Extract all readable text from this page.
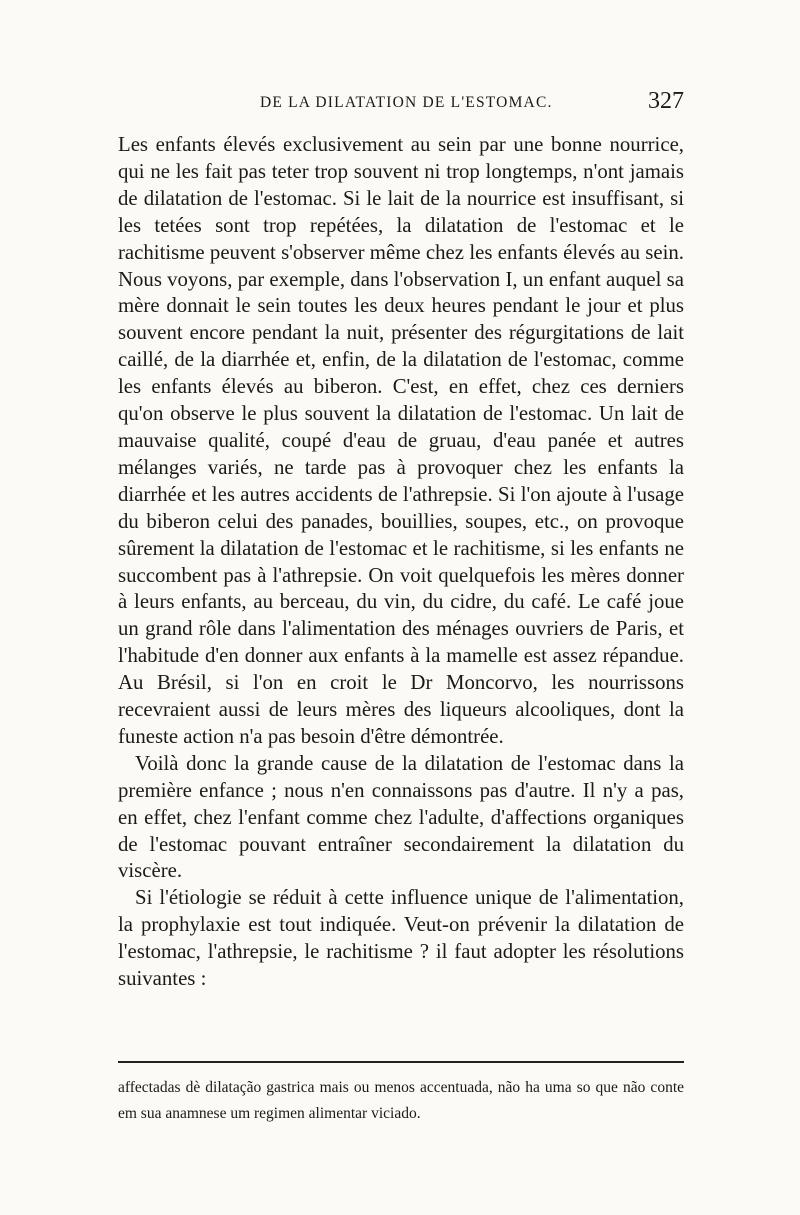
DE LA DILATATION DE L'ESTOMAC.	327

Les enfants élevés exclusivement au sein par une bonne nourrice, qui ne les fait pas teter trop souvent ni trop longtemps, n'ont jamais de dilatation de l'estomac. Si le lait de la nourrice est insuffisant, si les tetées sont trop repétées, la dilatation de l'estomac et le rachitisme peuvent s'observer même chez les enfants élevés au sein. Nous voyons, par exemple, dans l'observation I, un enfant auquel sa mère donnait le sein toutes les deux heures pendant le jour et plus souvent encore pendant la nuit, présenter des régurgitations de lait caillé, de la diarrhée et, enfin, de la dilatation de l'estomac, comme les enfants élevés au biberon. C'est, en effet, chez ces derniers qu'on observe le plus souvent la dilatation de l'estomac. Un lait de mauvaise qualité, coupé d'eau de gruau, d'eau panée et autres mélanges variés, ne tarde pas à provoquer chez les enfants la diarrhée et les autres accidents de l'athrepsie. Si l'on ajoute à l'usage du biberon celui des panades, bouillies, soupes, etc., on provoque sûrement la dilatation de l'estomac et le rachitisme, si les enfants ne succombent pas à l'athrepsie. On voit quelquefois les mères donner à leurs enfants, au berceau, du vin, du cidre, du café. Le café joue un grand rôle dans l'alimentation des ménages ouvriers de Paris, et l'habitude d'en donner aux enfants à la mamelle est assez répandue. Au Brésil, si l'on en croit le Dr Moncorvo, les nourrissons recevraient aussi de leurs mères des liqueurs alcooliques, dont la funeste action n'a pas besoin d'être démontrée.

Voilà donc la grande cause de la dilatation de l'estomac dans la première enfance ; nous n'en connaissons pas d'autre. Il n'y a pas, en effet, chez l'enfant comme chez l'adulte, d'affections organiques de l'estomac pouvant entraîner secondairement la dilatation du viscère.

Si l'étiologie se réduit à cette influence unique de l'alimentation, la prophylaxie est tout indiquée. Veut-on prévenir la dilatation de l'estomac, l'athrepsie, le rachitisme ? il faut adopter les résolutions suivantes :

affectadas dè dilatação gastrica mais ou menos accentuada, não ha uma so que não conte em sua anamnese um regimen alimentar viciado.
